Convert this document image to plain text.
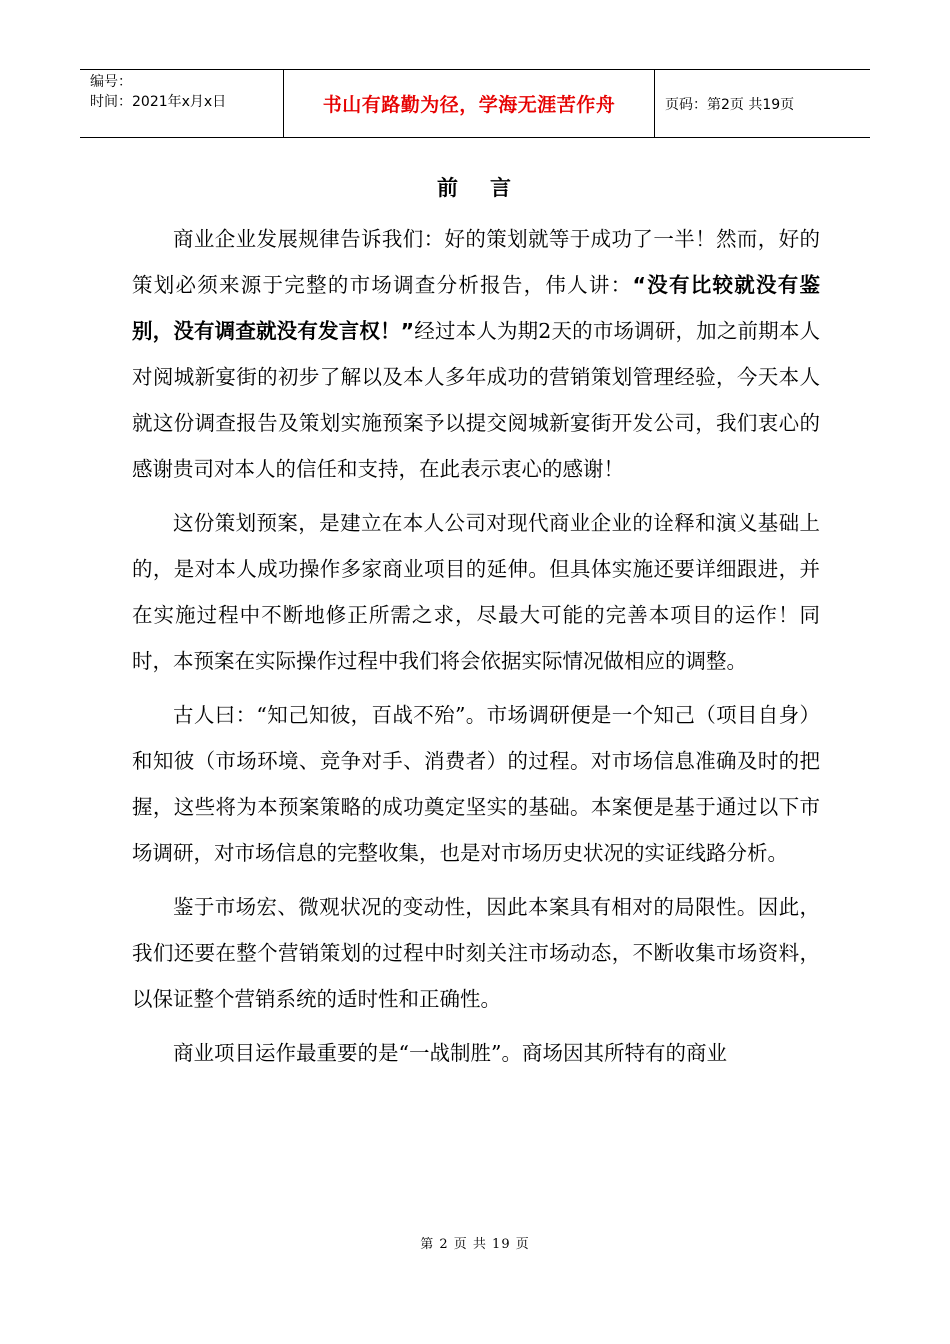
编号：
时间：2021年x月x日	书山有路勤为径，学海无涯苦作舟	页码：第2页 共19页
前 言

商业企业发展规律告诉我们：好的策划就等于成功了一半！然而，好的策划必须来源于完整的市场调查分析报告，伟人讲：“没有比较就没有鉴别，没有调查就没有发言权！”经过本人为期2天的市场调研，加之前期本人对阅城新宴街的初步了解以及本人多年成功的营销策划管理经验，今天本人就这份调查报告及策划实施预案予以提交阅城新宴街开发公司，我们衷心的感谢贵司对本人的信任和支持，在此表示衷心的感谢！

这份策划预案，是建立在本人公司对现代商业企业的诠释和演义基础上的，是对本人成功操作多家商业项目的延伸。但具体实施还要详细跟进，并在实施过程中不断地修正所需之求，尽最大可能的完善本项目的运作！同时，本预案在实际操作过程中我们将会依据实际情况做相应的调整。

古人曰：“知己知彼，百战不殆”。市场调研便是一个知己（项目自身）和知彼（市场环境、竞争对手、消费者）的过程。对市场信息准确及时的把握，这些将为本预案策略的成功奠定坚实的基础。本案便是基于通过以下市场调研，对市场信息的完整收集，也是对市场历史状况的实证线路分析。

鉴于市场宏、微观状况的变动性，因此本案具有相对的局限性。因此，我们还要在整个营销策划的过程中时刻关注市场动态，不断收集市场资料，以保证整个营销系统的适时性和正确性。

商业项目运作最重要的是“一战制胜”。商场因其所特有的商业

第 2 页 共 19 页
